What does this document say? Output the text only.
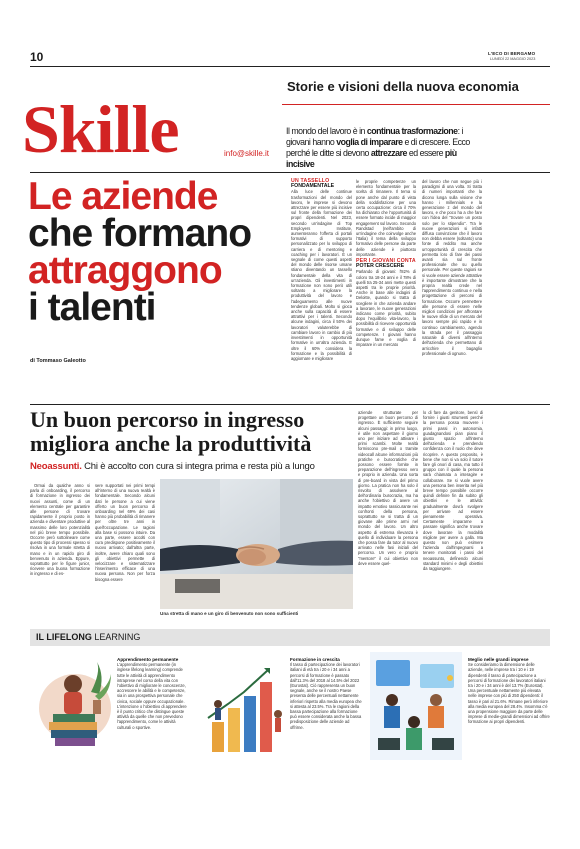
10	L'ECO DI BERGAMO
LUNEDÌ 22 MAGGIO 2023
Storie e visioni della nuova economia
Skille	info@skille.it
Il mondo del lavoro è in continua trasformazione: i giovani hanno voglia di imparare e di crescere. Ecco perché le ditte si devono attrezzare ed essere più incisive
Le aziende
che formano
attraggono
i talenti
di Tommaso Galeotto
UN TASSELLO
FONDAMENTALE

Alla luce delle continue trasformazioni del mondo del lavoro, le imprese si devono attrezzare per essere più incisive sul fronte della formazione dei propri dipendenti. Nel 2023, secondo un'indagine di Top Employers Institute, aumenteranno l'offerta di portali formativi di supporto personalizzato per lo sviluppo di carriera e di mentoring e coaching per i lavoratori. È un segnale di come questi aspetti del mondo delle risorse umane stiano diventando un tassello fondamentale della vita di un'azienda. Gli investimenti in formazione non sono però utili soltanto a migliorare la produttività del lavoro e l'adeguamento alle nuove tendenze globali. Molto si gioca anche sulla capacità di essere attrattivi per i talenti. Secondo alcune indagini, circa il 50% dei lavoratori valuterebbe di cambiare lavoro in cambio di più investimenti in opportunità formative in un'altra azienda. E oltre il 60% considera la formazione e la possibilità di aggiornare e migliorare

le proprie competenze un elemento fondamentale per la scelta di rimanere. Il tema si pone anche dal punto di vista della soddisfazione per una certa occupazione: circa il 70% ha dichiarato che l'opportunità di essere formato incide di maggior engagement sul lavoro. Secondo Randstad (nell'ambito di un'indagine che coinvolge anche l'Italia) il tema della sviluppo formativo delle persone da parte delle aziende è piuttosto importante.

PER I GIOVANI CONTA
POTER CRESCERE

Parlando di giovani: l'82% di coloro tra 18-24 anni e il 78% di quelli tra 25-34 anni mette questi aspetti tra le proprie priorità. Anche in base alle indagini di Deloitte, quando si tratta di scegliere in che azienda andare a lavorare, le nuove generazioni indicano come priorità, subito dopo l'equilibrio vita-lavoro, la possibilità di ricevere opportunità formative e di sviluppo delle competenze. I giovani hanno dunque fame e voglia di imparare in un mercato

del lavoro che non segue più i paradigmi di una volta. Si tratta di numeri importanti che la dicono lunga sulla visione che hanno i millennials e la generazione z del mondo del lavoro, e che poco ha a che fare con l'idea del "trovare un posto solo per lo stipendio". Tra le nuove generazioni si infatti diffusa convinzione che il lavoro non debba essere (soltanto) una fonte di reddito ma anche un'opportunità di crescita che permetta loro di fare dei passi avanti sia sul fronte professionale che su quello personale. Per queste ragioni se si vuole essere aziende attrattive è importante dimostrare che la propria realtà crede nel l'apprendimento continuo e nella progettazione di percorsi di formazione. Occorre permettere alle persone di essere nelle migliori condizioni per affrontare le nuove sfide di un mercato del lavoro sempre più rapido e in continuo cambiamento, agendo la strada per il passaggio naturale di diversi all'interno dell'azienda che permettano di arricchire il bagaglio professionale di ognuno.

Un buon percorso in ingresso
migliora anche la produttività
Neoassunti. Chi è accolto con cura si integra prima e resta più a lungo

Ormai da qualche anno si parla di onboarding, il percorso di formazione in ingresso dei nuovi assunti, come di un elemento centrale per garantire alle persone di trovare rapidamente il proprio posto in azienda e diventare produttive al massimo delle loro potenzialità nel più breve tempo possibile. Occorre però sottolineare come questo tipo di processi spesso si risolva in una formale stretta di mano e in un rapido giro di benvenuto in azienda. Eppure, soprattutto per le figure junior, ricevere una buona formazione in ingresso e di es-

sere supportati nei primi tempi all'interno di una nuova realtà è fondamentale. Secondo alcuni dati le persone a cui viene offerto un buon percorso di onboarding nel 69% dei casi hanno più probabilità di rimanere per oltre tre anni in quell'occupazione. Le ragioni alla base si possono intuire. Da una parte, essere accolti con cura predispone positivamente il nuovo arrivato; dall'altra parte, inoltre, avere chiaro quali sono gli obiettivi permette di velocizzare e sistematizzare l'inserimento efficace di una nuova persona. Non per forza bisogna essere

Una stretta di mano e un giro di benvenuto non sono sufficienti

aziende strutturate per progettare un buon percorso di ingresso. È sufficiente seguire alcuni passaggi: in primo luogo, è utile non aspettare il giorno uno per iniziare ad attivare i primi scambi. Molte realtà formiscono pre-mail o tramite videocall alcune informazioni più pratiche e burocratiche che possono essere fornite in preparazione dell'ingresso vero e proprio in azienda. Una sorta di pre-board in vista del primo giorno. La pratica non ha solo il risvolto di assolvere al dell'ordinaria burocrazia, ma ha anche l'obiettivo di avere un impatto emotivo rassicurante nei confronti della persona, soprattutto se si tratta di un giovane alle prime armi nel mondo del lavoro. Un altro aspetto di estrema rilevanza è quello di individuare la persona che possa fare da tutor al nuovo arrivato nelle fasi iniziali del percorso. Un vero e proprio "mentore" il cui obiettivo non deve essere quel-

lo di fare da genitore, bensì di fornire i giusti strumenti perché la persona possa muovere i primi passi in autonomia, guadagnandosi pian piano il giusto spazio all'interno dell'azienda e prendendo confidenza con il ruolo che deve ricoprire. A questo proposito, è bene che non si va solo il tutore fare gli onori di casa, ma tutto il gruppo con il quale la persona sarà chiamata a interagire e collaborare. Se si vuole avere una persona ben inserita nel più breve tempo possibile occorre quindi definire fin da subito gli obiettivi e le attività: gradualmente dovrà svolgere per arrivare ad essere pienamente operativa. Certamente impararne a passare significa anche trovare dove lavorare la modalità migliore per avere a galla. Ma questo non può esimere l'azienda dall'impegnarsi a tenere monitorati i passi del neoassunto, definendo alcuni standard minimi e degli obiettivi da raggiungere.

IL LIFELONG LEARNING
Apprendimento permanente

L'apprendimento permanente (in inglese lifelong learning) comprende tutte le attività di apprendimento intraprese nel corso della vita con l'obiettivo di migliorare le conoscenze, accrescere le abilità e le competenze, sia in una prospettiva personale che civica, sociale oppure occupazionale. L'intenzione o l'obiettivo di apprendere è il punto critico che distingue queste attività da quelle che non prevedono l'apprendimento, come le attività culturali o sportive.

Formazione in crescita

Il tasso di partecipazione dei lavoratori italiani di età tra i 20 e i 34 anni a percorsi di formazione è passato dall'11.3% del 2018 al 14.5% del 2022 (Eurostat). Ciò rappresenta un buon segnale, anche se il nostro Paese presenta delle percentuali nettamente inferiori rispetto alla media europea che si attesta al 23.5%. Tra le ragioni della bassa partecipazione alla formazione può essere considerata anche la bassa predisposizione delle aziende ad offrirne.

Meglio nelle grandi imprese

Se consideriamo la dimensione delle aziende, nelle imprese tra i 10 e i 19 dipendenti il tasso di partecipazione a percorsi di formazione dei lavoratori italiani tra i 20 e i 34 anni è del 13.7% (Eurostat). Una percentuale nettamente più elevata nelle imprese con più di 250 dipendenti: il tasso è pari al 21.6%. Rimane però inferiore alla media europea del 28.4%. Insomma c'è una propensione maggiore da parte delle imprese di medie-grandi dimensioni ad offrire formazione ai propri dipendenti.
